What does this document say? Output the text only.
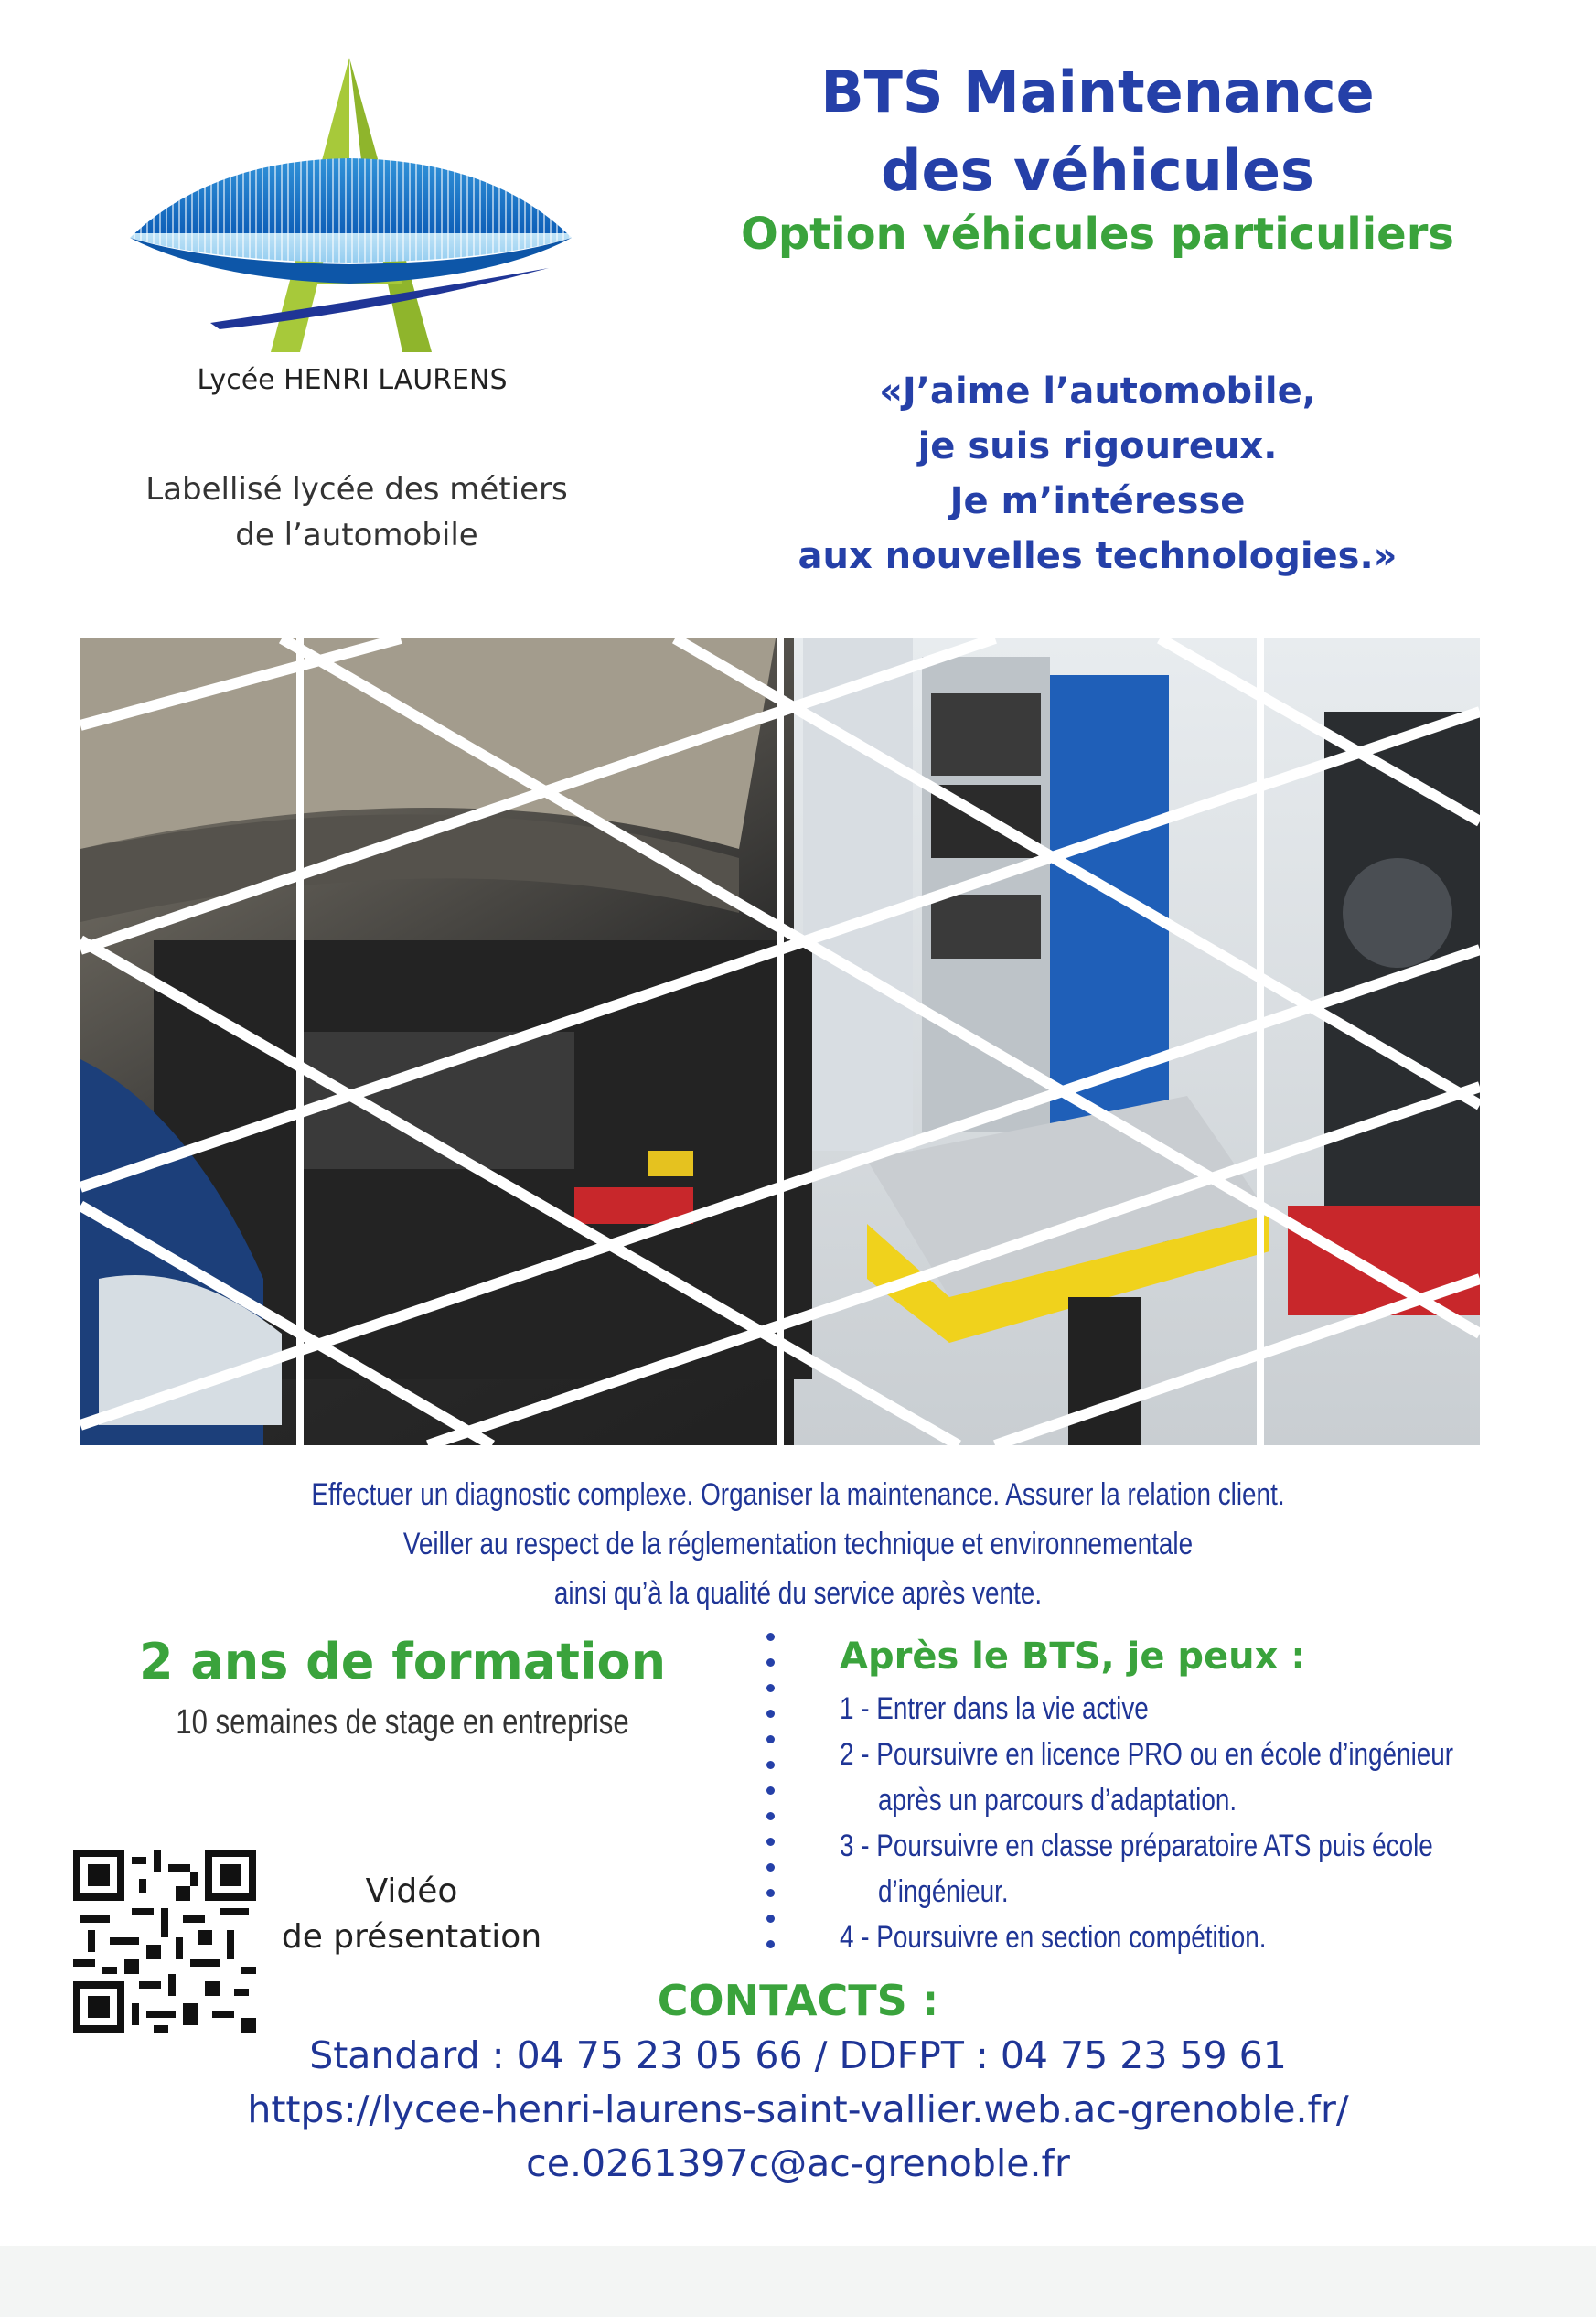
Lycée HENRI LAURENS
Labellisé lycée des métiers
de l’automobile
BTS Maintenance
des véhicules
Option véhicules particuliers
«J’aime l’automobile,
je suis rigoureux.
Je m’intéresse
aux nouvelles technologies.»
Effectuer un diagnostic complexe. Organiser la maintenance. Assurer la relation client.
Veiller au respect de la réglementation technique et environnementale
ainsi qu’à la qualité du service après vente.
2 ans de formation
10 semaines de stage en entreprise
Après le BTS, je peux :
1 - Entrer dans la vie active
2 - Poursuivre en licence PRO ou en école d’ingénieur
après un parcours d’adaptation.
3 - Poursuivre en classe préparatoire ATS puis école
d’ingénieur.
4 - Poursuivre en section compétition.
Vidéo
de présentation
CONTACTS :
Standard : 04 75 23 05 66 / DDFPT : 04 75 23 59 61
https://lycee-henri-laurens-saint-vallier.web.ac-grenoble.fr/
ce.0261397c@ac-grenoble.fr
